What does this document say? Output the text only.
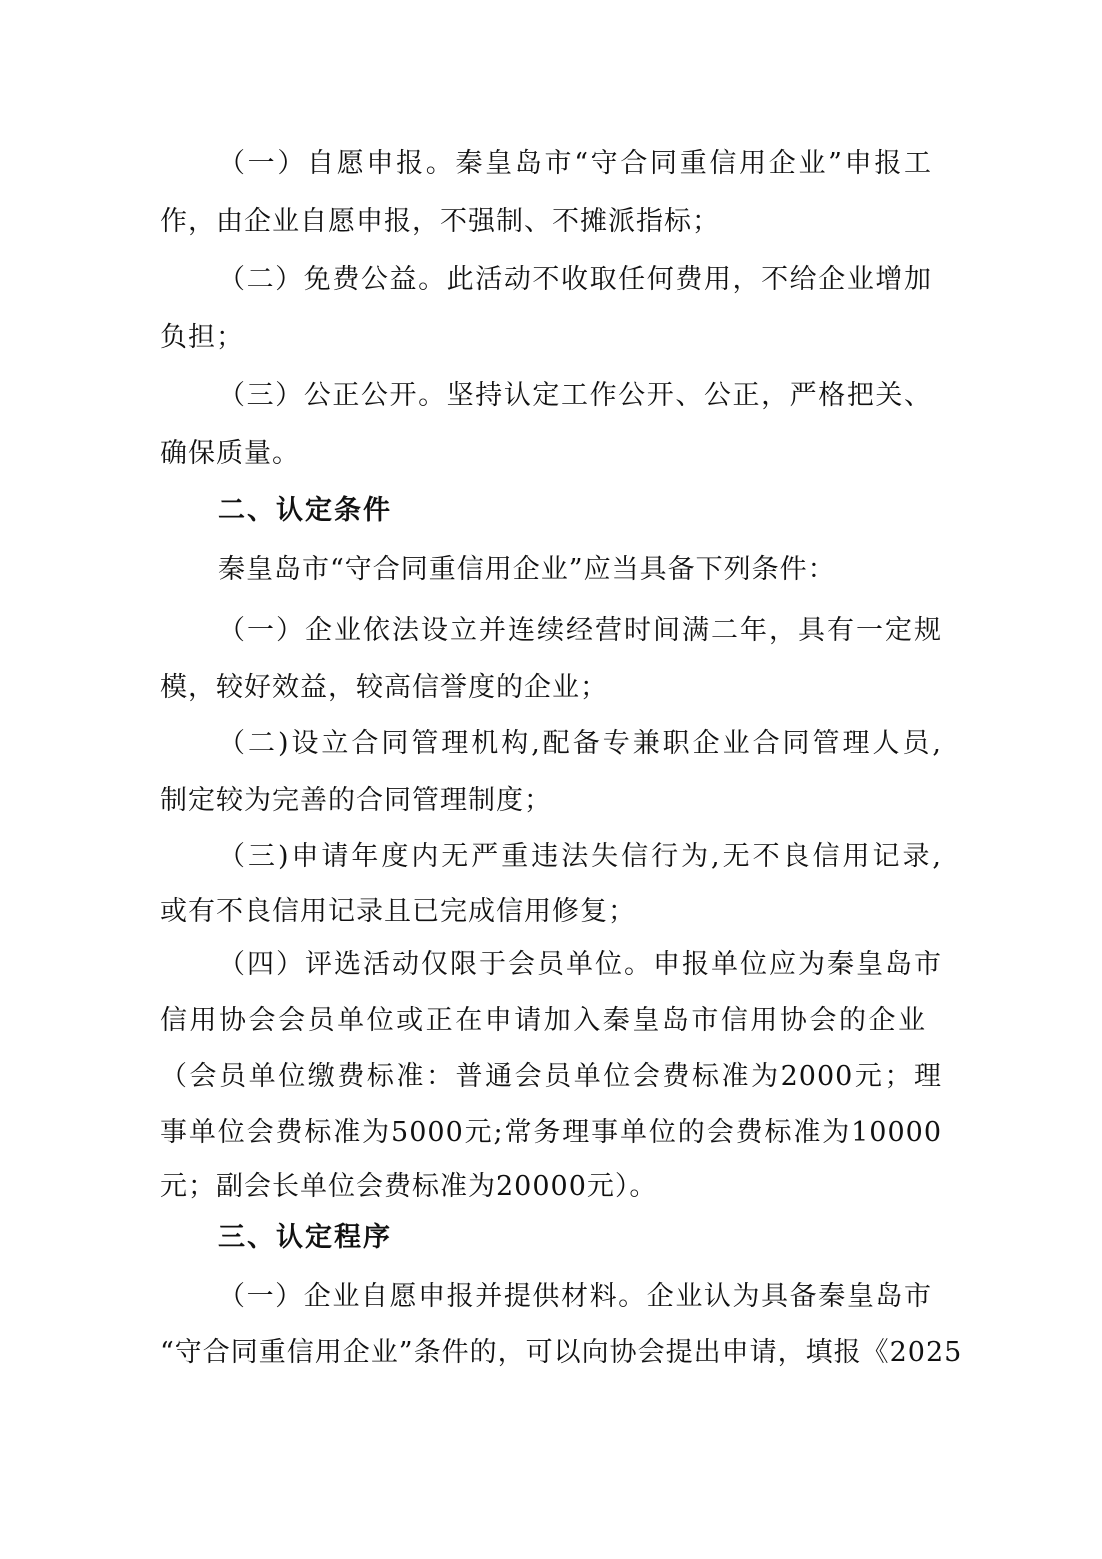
（一）自愿申报。秦皇岛市“守合同重信用企业”申报工
作，由企业自愿申报，不强制、不摊派指标；
（二）免费公益。此活动不收取任何费用，不给企业增加
负担；
（三）公正公开。坚持认定工作公开、公正，严格把关、
确保质量。
二、认定条件
秦皇岛市“守合同重信用企业”应当具备下列条件：
（一）企业依法设立并连续经营时间满二年，具有一定规
模，较好效益，较高信誉度的企业；
（二)设立合同管理机构,配备专兼职企业合同管理人员,
制定较为完善的合同管理制度；
（三)申请年度内无严重违法失信行为,无不良信用记录,
或有不良信用记录且已完成信用修复；
（四）评选活动仅限于会员单位。申报单位应为秦皇岛市
信用协会会员单位或正在申请加入秦皇岛市信用协会的企业
（会员单位缴费标准：普通会员单位会费标准为2000元；理
事单位会费标准为5000元;常务理事单位的会费标准为10000
元；副会长单位会费标准为20000元）。
三、认定程序
（一）企业自愿申报并提供材料。企业认为具备秦皇岛市
“守合同重信用企业”条件的，可以向协会提出申请，填报《2025
